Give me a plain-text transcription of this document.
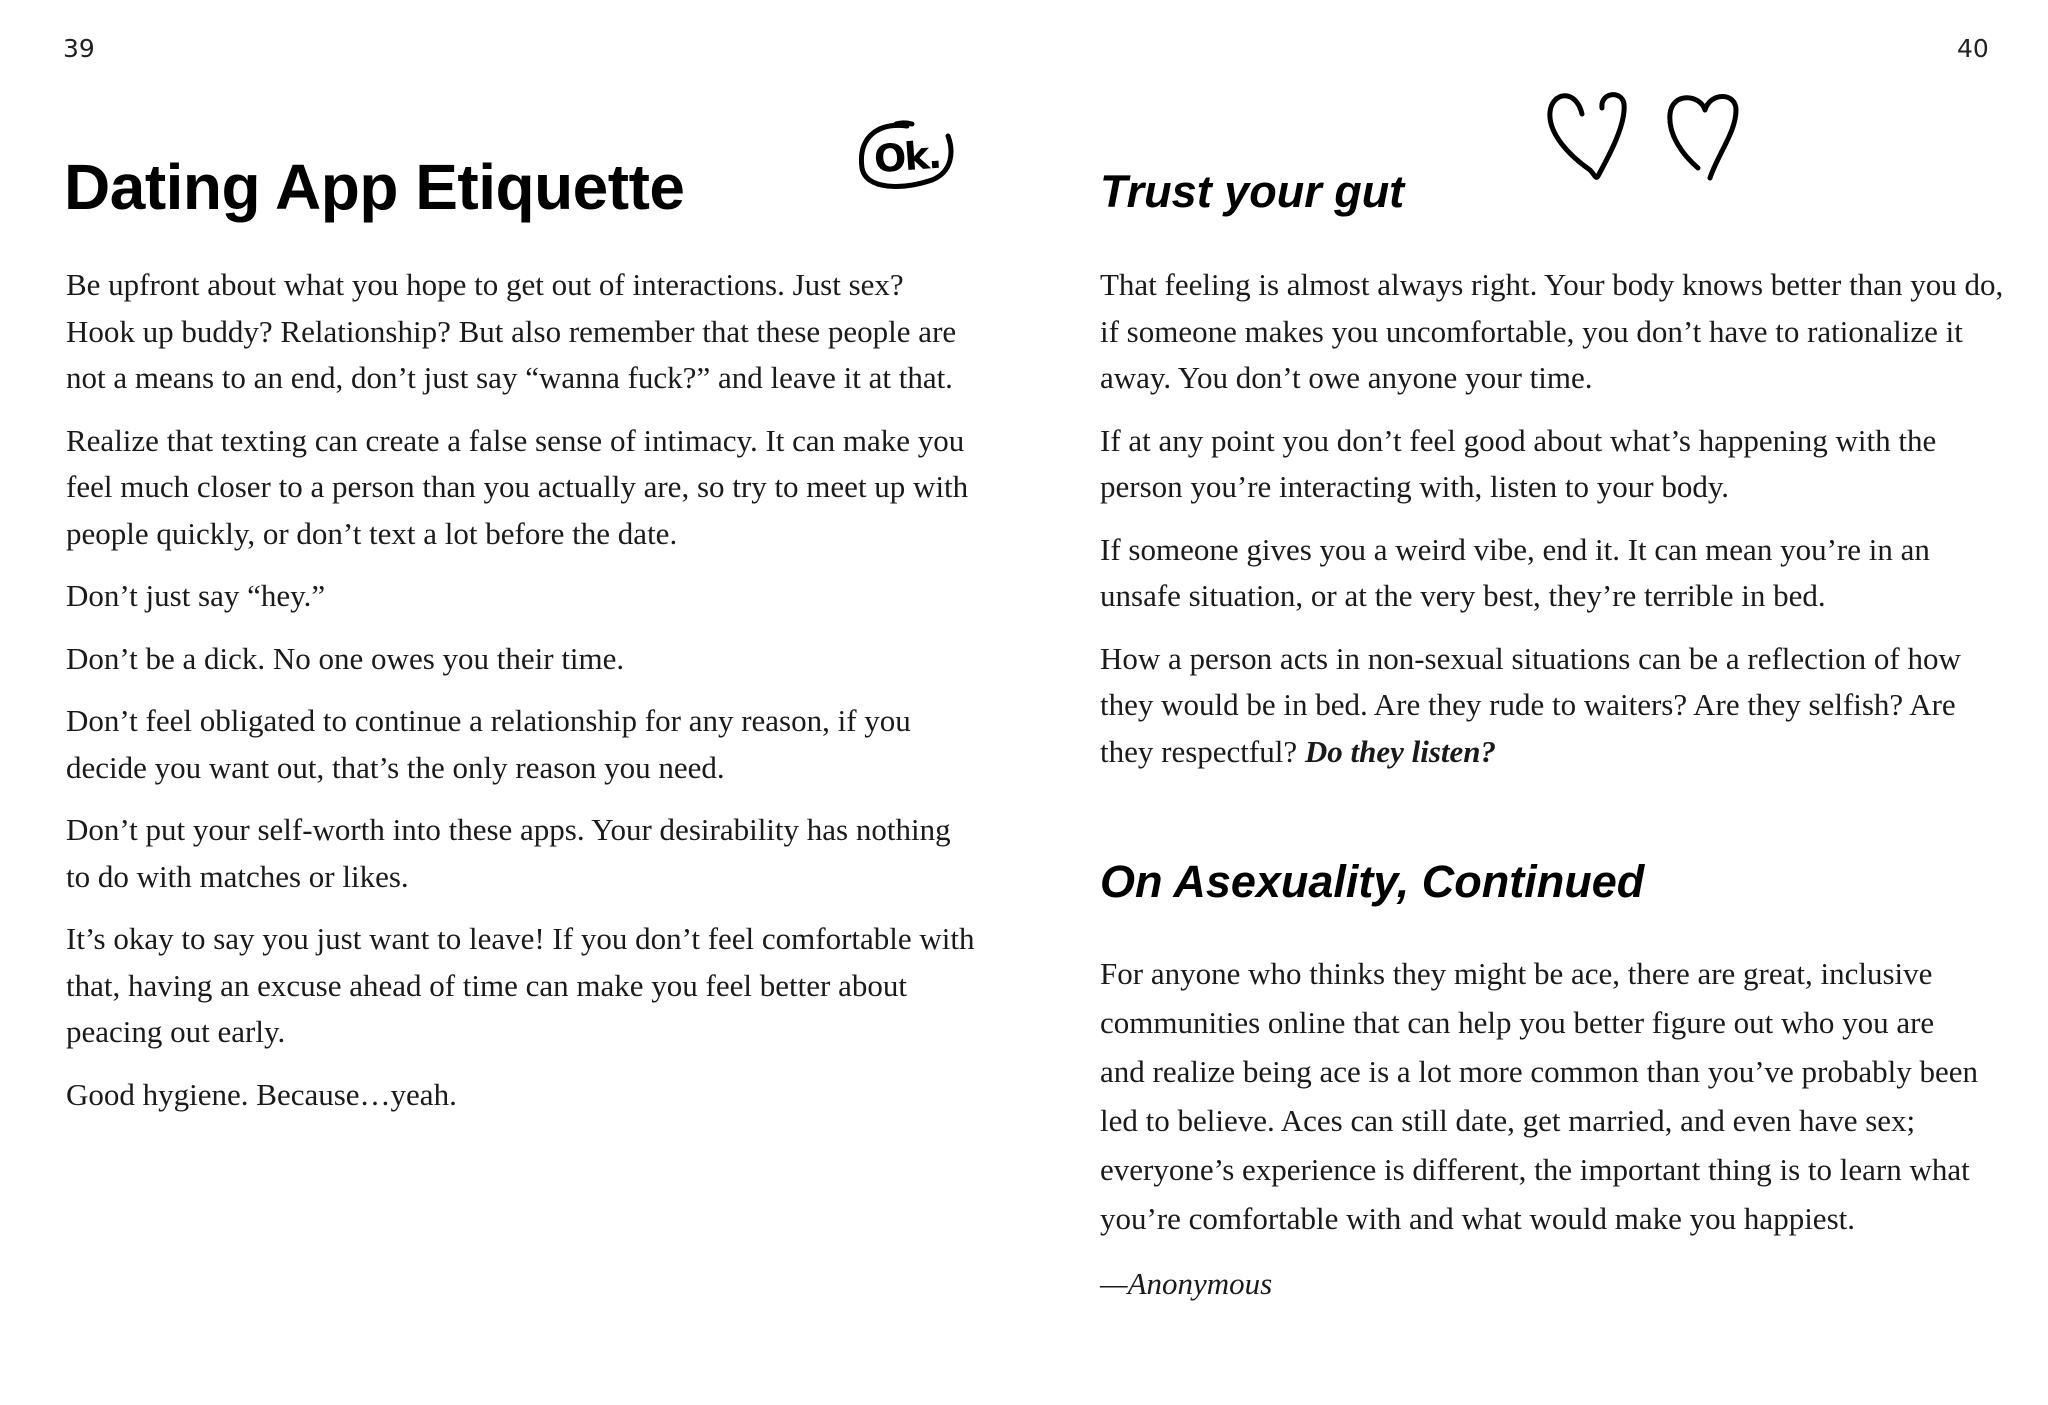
39	40
Dating App Etiquette	Ok.

Be upfront about what you hope to get out of interactions. Just sex? Hook up buddy? Relationship? But also remember that these people are not a means to an end, don’t just say “wanna fuck?” and leave it at that.

Realize that texting can create a false sense of intimacy. It can make you feel much closer to a person than you actually are, so try to meet up with people quickly, or don’t text a lot before the date.

Don’t just say “hey.”

Don’t be a dick. No one owes you their time.

Don’t feel obligated to continue a relationship for any reason, if you decide you want out, that’s the only reason you need.

Don’t put your self-worth into these apps. Your desirability has nothing to do with matches or likes.

It’s okay to say you just want to leave! If you don’t feel comfortable with that, having an excuse ahead of time can make you feel better about peacing out early.

Good hygiene. Because…yeah.

Trust your gut

That feeling is almost always right. Your body knows better than you do, if someone makes you uncomfortable, you don’t have to rationalize it away. You don’t owe anyone your time.

If at any point you don’t feel good about what’s happening with the person you’re interacting with, listen to your body.

If someone gives you a weird vibe, end it. It can mean you’re in an unsafe situation, or at the very best, they’re terrible in bed.

How a person acts in non-sexual situations can be a reflection of how they would be in bed. Are they rude to waiters? Are they selfish? Are they respectful? Do they listen?

On Asexuality, Continued

For anyone who thinks they might be ace, there are great, inclusive communities online that can help you better figure out who you are and realize being ace is a lot more common than you’ve probably been led to believe. Aces can still date, get married, and even have sex; everyone’s experience is different, the important thing is to learn what you’re comfortable with and what would make you happiest.

—Anonymous
